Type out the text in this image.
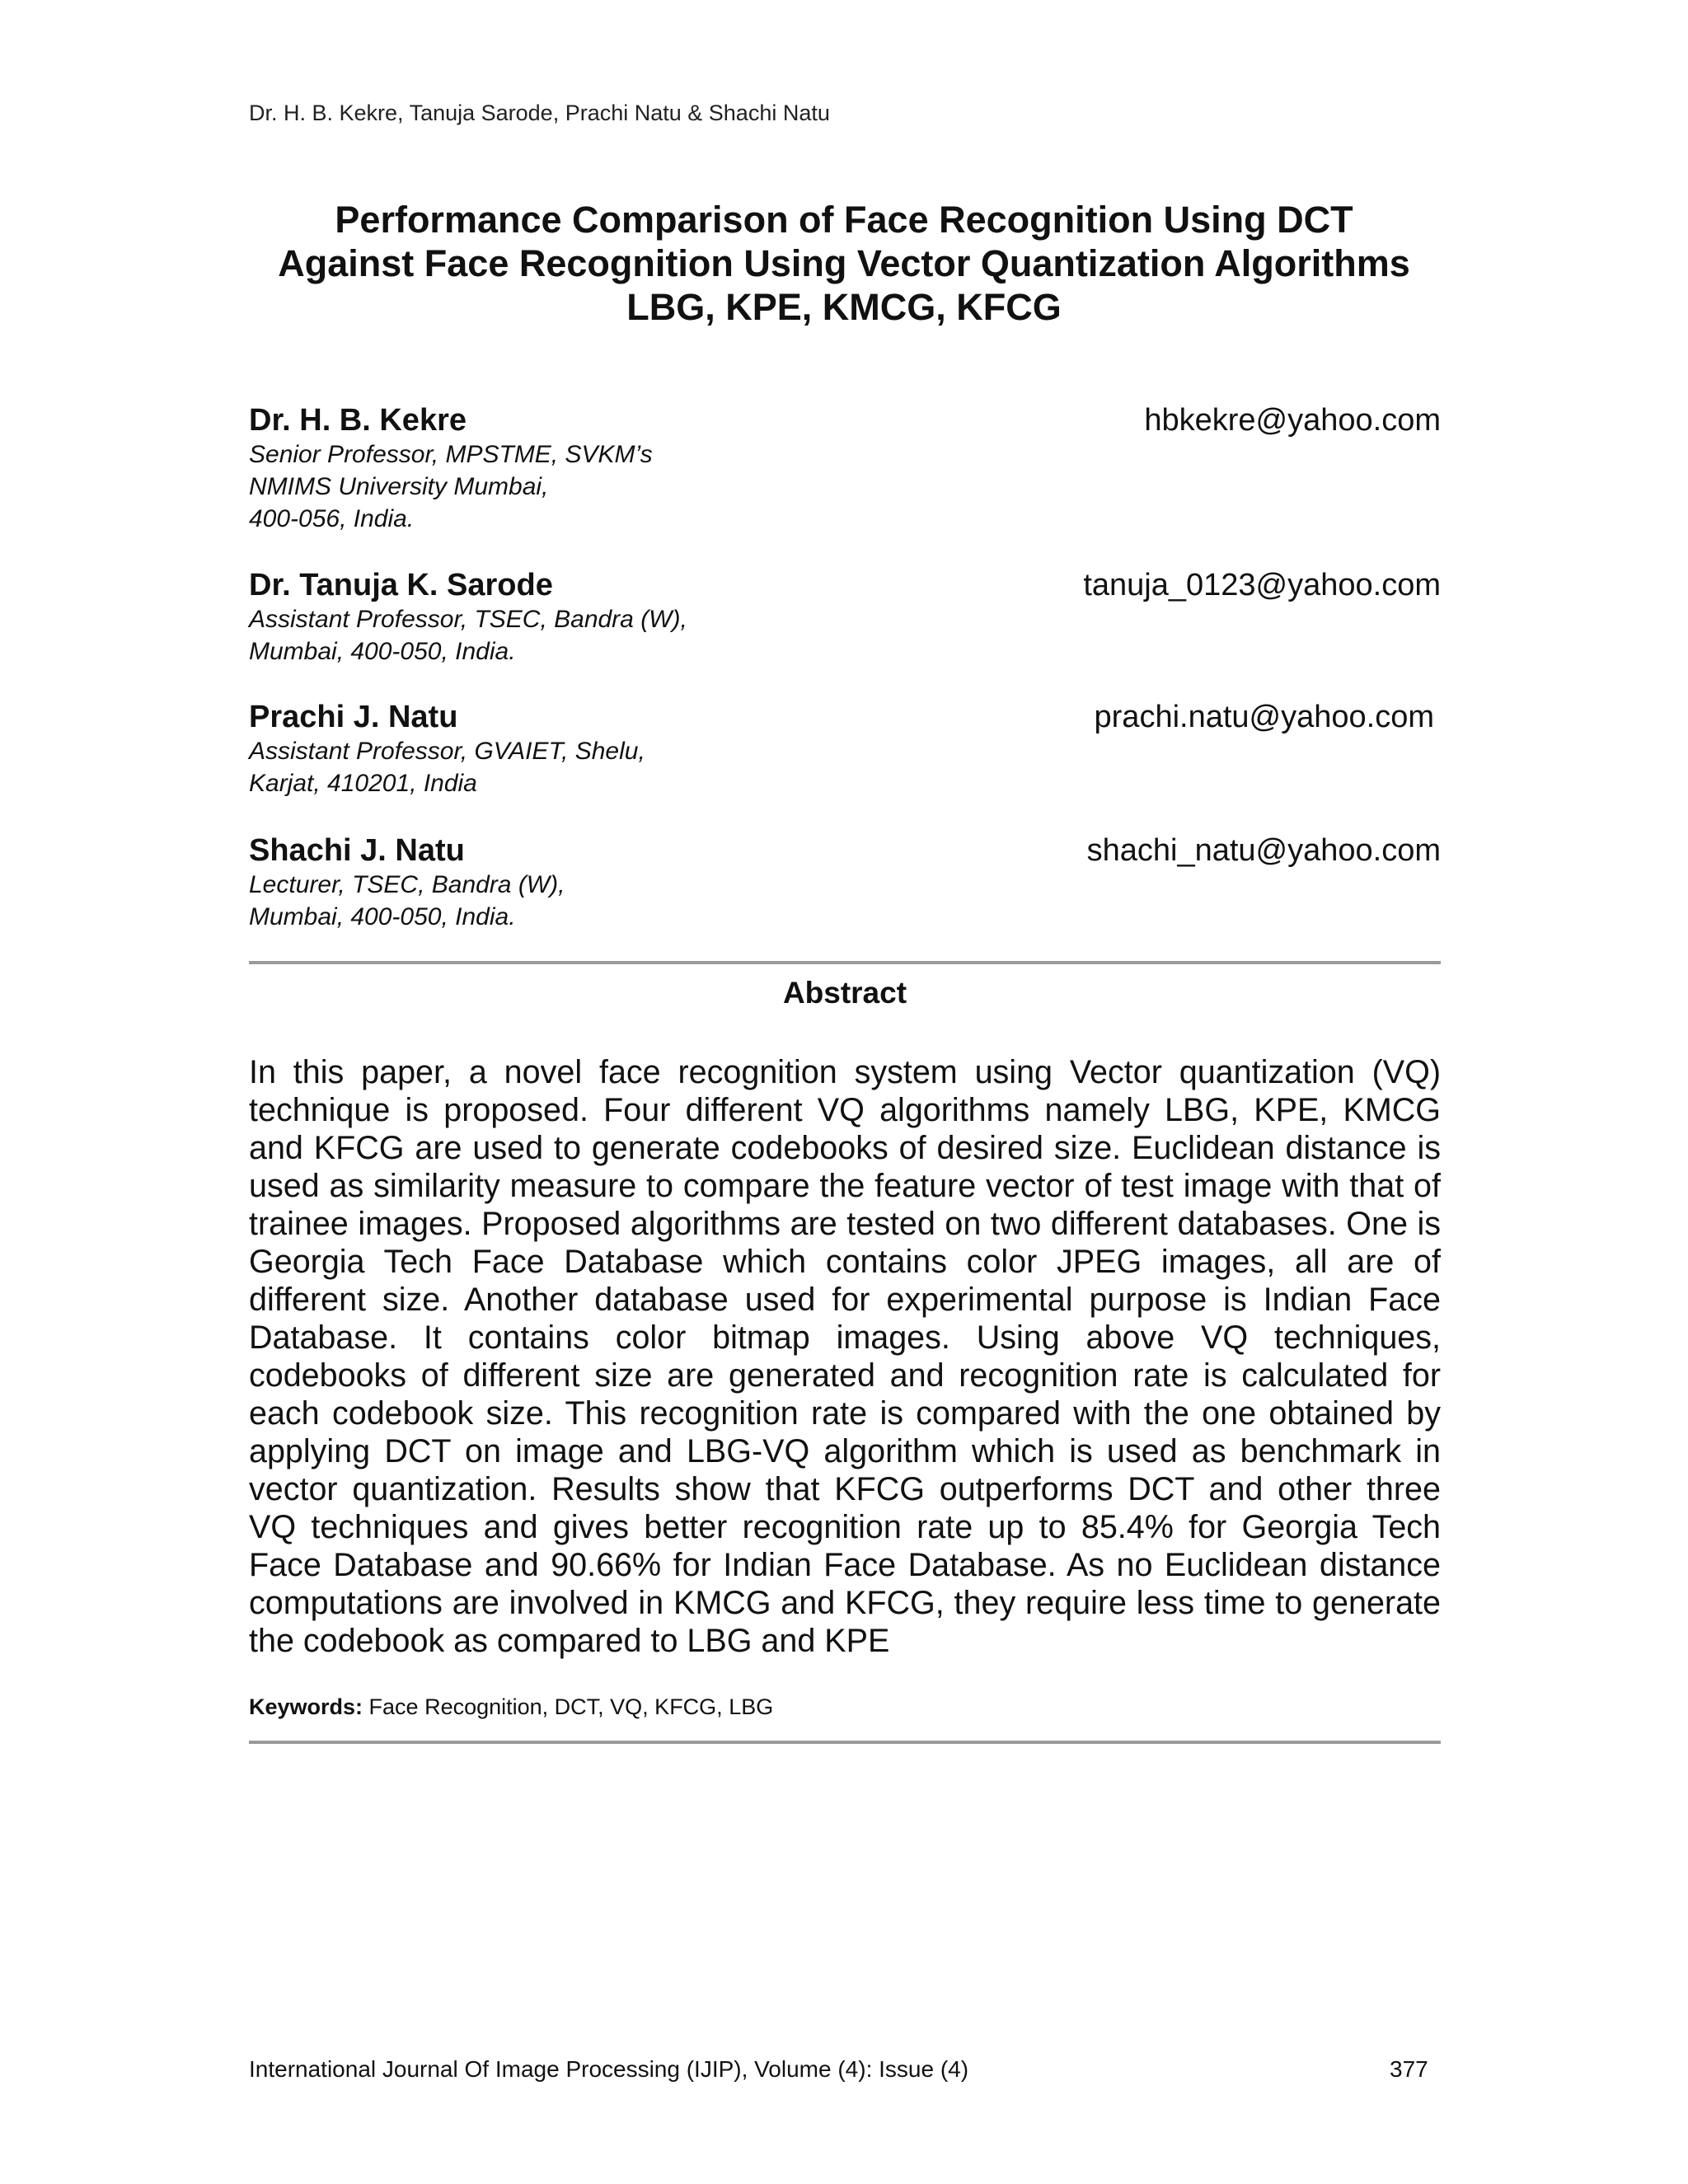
Dr. H. B. Kekre, Tanuja Sarode, Prachi Natu & Shachi Natu
Performance Comparison of Face Recognition Using DCT
Against Face Recognition Using Vector Quantization Algorithms
LBG, KPE, KMCG, KFCG
Dr. H. B. Kekre	hbkekre@yahoo.com
Senior Professor, MPSTME, SVKM’s
NMIMS University Mumbai,
400-056, India.
Dr. Tanuja K. Sarode	tanuja_0123@yahoo.com
Assistant Professor, TSEC, Bandra (W),
Mumbai, 400-050, India.
Prachi J. Natu	prachi.natu@yahoo.com
Assistant Professor, GVAIET, Shelu,
Karjat, 410201, India
Shachi J. Natu	shachi_natu@yahoo.com
Lecturer, TSEC, Bandra (W),
Mumbai, 400-050, India.
Abstract
In this paper, a novel face recognition system using Vector quantization (VQ) technique is proposed. Four different VQ algorithms namely LBG, KPE, KMCG and KFCG are used to generate codebooks of desired size. Euclidean distance is used as similarity measure to compare the feature vector of test image with that of trainee images. Proposed algorithms are tested on two different databases. One is Georgia Tech Face Database which contains color JPEG images, all are of different size. Another database used for experimental purpose is Indian Face Database. It contains color bitmap images. Using above VQ techniques, codebooks of different size are generated and recognition rate is calculated for each codebook size. This recognition rate is compared with the one obtained by applying DCT on image and LBG-VQ algorithm which is used as benchmark in vector quantization. Results show that KFCG outperforms DCT and other three VQ techniques and gives better recognition rate up to 85.4% for Georgia Tech Face Database and 90.66% for Indian Face Database. As no Euclidean distance computations are involved in KMCG and KFCG, they require less time to generate the codebook as compared to LBG and KPE
Keywords: Face Recognition, DCT, VQ, KFCG, LBG
International Journal Of Image Processing (IJIP), Volume (4): Issue (4)	377
